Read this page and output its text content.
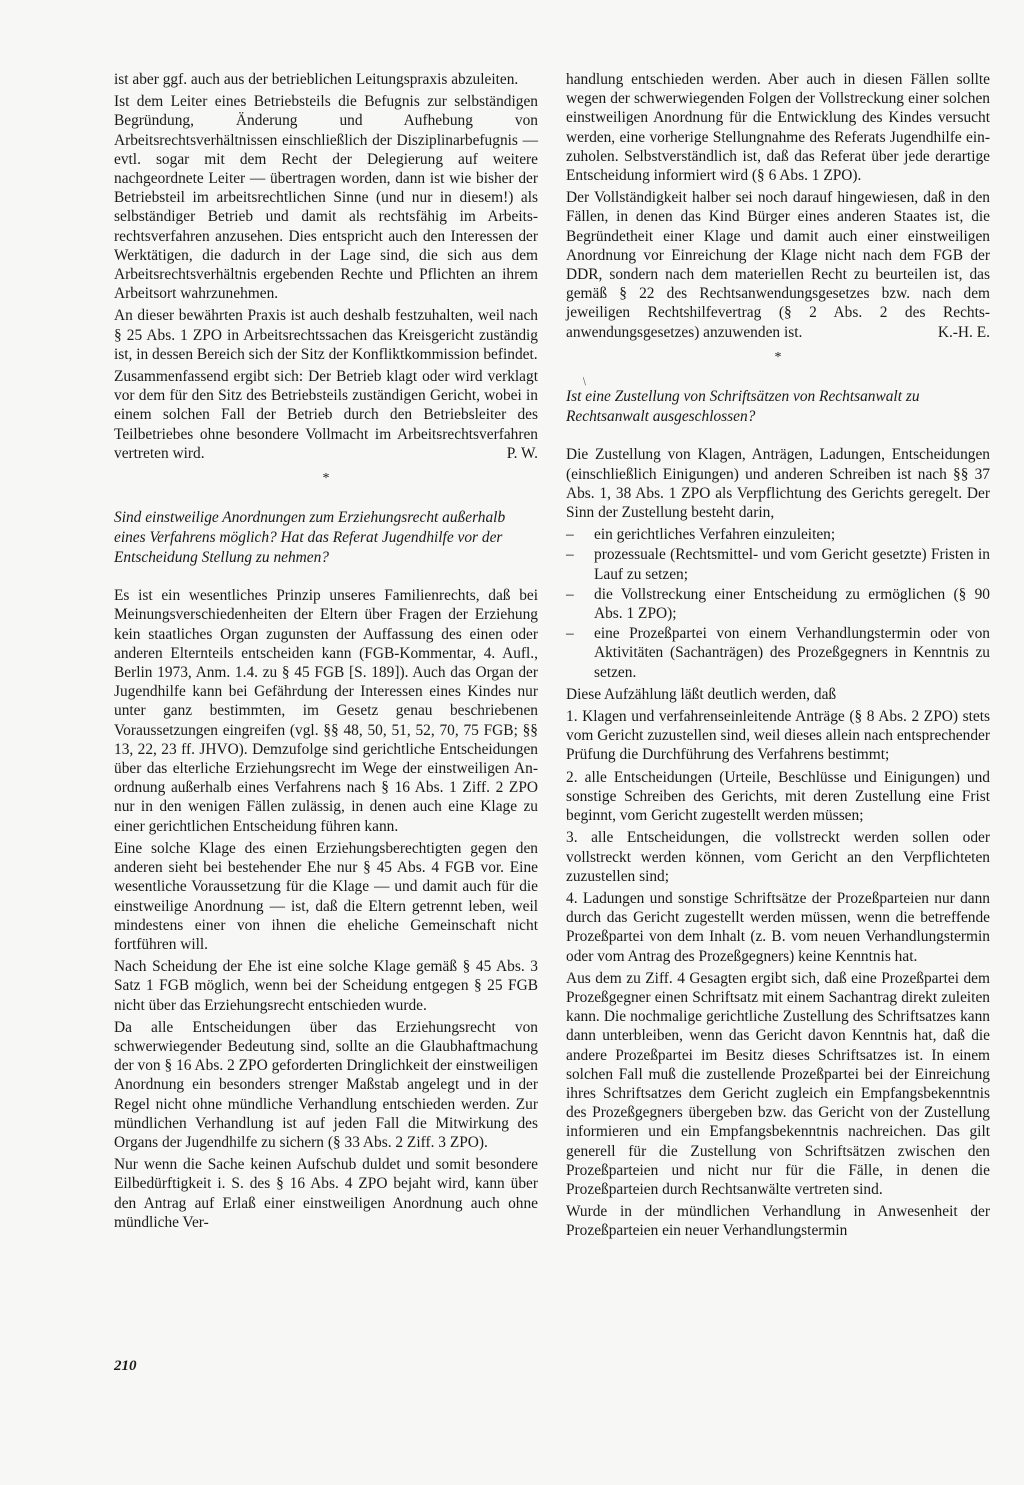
ist aber ggf. auch aus der betrieblichen Leitungspraxis abzuleiten.

Ist dem Leiter eines Betriebsteils die Befugnis zur selbständigen Begründung, Änderung und Aufhebung von Arbeitsrechtsverhältnissen einschließlich der Disziplinarbefugnis — evtl. sogar mit dem Recht der Delegierung auf weitere nachgeordnete Leiter — übertragen worden, dann ist wie bisher der Betriebsteil im arbeitsrechtlichen Sinne (und nur in diesem!) als selbständiger Betrieb und damit als rechtsfähig im Arbeitsrechtsverfahren anzusehen. Dies entspricht auch den Interessen der Werktätigen, die dadurch in der Lage sind, die sich aus dem Arbeitsrechtsverhältnis ergebenden Rechte und Pflichten an ihrem Arbeitsort wahrzunehmen.

An dieser bewährten Praxis ist auch deshalb festzuhalten, weil nach § 25 Abs. 1 ZPO in Arbeitsrechtssachen das Kreisgericht zuständig ist, in dessen Bereich sich der Sitz der Konfliktkommission befindet.

Zusammenfassend ergibt sich: Der Betrieb klagt oder wird verklagt vor dem für den Sitz des Betriebsteils zuständigen Gericht, wobei in einem solchen Fall der Betrieb durch den Betriebsleiter des Teilbetriebes ohne besondere Vollmacht im Arbeitsrechtsverfahren vertreten wird.	P. W.

*

Sind einstweilige Anordnungen zum Erziehungsrecht außerhalb eines Verfahrens möglich? Hat das Referat Jugendhilfe vor der Entscheidung Stellung zu nehmen?

Es ist ein wesentliches Prinzip unseres Familienrechts, daß bei Meinungsverschiedenheiten der Eltern über Fragen der Erziehung kein staatliches Organ zugunsten der Auffassung des einen oder anderen Elternteils entscheiden kann (FGB-Kommentar, 4. Aufl., Berlin 1973, Anm. 1.4. zu § 45 FGB [S. 189]). Auch das Organ der Jugendhilfe kann bei Gefährdung der Interessen eines Kindes nur unter ganz bestimmten, im Gesetz genau beschriebenen Voraussetzungen eingreifen (vgl. §§ 48, 50, 51, 52, 70, 75 FGB; §§ 13, 22, 23 ff. JHVO). Demzufolge sind gerichtliche Entscheidungen über das elterliche Erziehungsrecht im Wege der einstweiligen Anordnung außerhalb eines Verfahrens nach § 16 Abs. 1 Ziff. 2 ZPO nur in den wenigen Fällen zulässig, in denen auch eine Klage zu einer gerichtlichen Entscheidung führen kann.

Eine solche Klage des einen Erziehungsberechtigten gegen den anderen sieht bei bestehender Ehe nur § 45 Abs. 4 FGB vor. Eine wesentliche Voraussetzung für die Klage — und damit auch für die einstweilige Anordnung — ist, daß die Eltern getrennt leben, weil mindestens einer von ihnen die eheliche Gemeinschaft nicht fortführen will.

Nach Scheidung der Ehe ist eine solche Klage gemäß § 45 Abs. 3 Satz 1 FGB möglich, wenn bei der Scheidung entgegen § 25 FGB nicht über das Erziehungsrecht entschieden wurde.

Da alle Entscheidungen über das Erziehungsrecht von schwerwiegender Bedeutung sind, sollte an die Glaubhaftmachung der von § 16 Abs. 2 ZPO geforderten Dringlichkeit der einstweiligen Anordnung ein besonders strenger Maßstab angelegt und in der Regel nicht ohne mündliche Verhandlung entschieden werden. Zur mündlichen Verhandlung ist auf jeden Fall die Mitwirkung des Organs der Jugendhilfe zu sichern (§ 33 Abs. 2 Ziff. 3 ZPO).

Nur wenn die Sache keinen Aufschub duldet und somit besondere Eilbedürftigkeit i. S. des § 16 Abs. 4 ZPO bejaht wird, kann über den Antrag auf Erlaß einer einstweiligen Anordnung auch ohne mündliche Ver-

handlung entschieden werden. Aber auch in diesen Fällen sollte wegen der schwerwiegenden Folgen der Vollstreckung einer solchen einstweiligen Anordnung für die Entwicklung des Kindes versucht werden, eine vorherige Stellungnahme des Referats Jugendhilfe einzuholen. Selbstverständlich ist, daß das Referat über jede derartige Entscheidung informiert wird (§ 6 Abs. 1 ZPO).

Der Vollständigkeit halber sei noch darauf hingewiesen, daß in den Fällen, in denen das Kind Bürger eines anderen Staates ist, die Begründetheit einer Klage und damit auch einer einstweiligen Anordnung vor Einreichung der Klage nicht nach dem FGB der DDR, sondern nach dem materiellen Recht zu beurteilen ist, das gemäß § 22 des Rechtsanwendungsgesetzes bzw. nach dem jeweiligen Rechtshilfevertrag (§ 2 Abs. 2 des Rechtsanwendungsgesetzes) anzuwenden ist.	K.-H. E.

*

Ist eine Zustellung von Schriftsätzen von Rechtsanwalt zu Rechtsanwalt ausgeschlossen?

Die Zustellung von Klagen, Anträgen, Ladungen, Entscheidungen (einschließlich Einigungen) und anderen Schreiben ist nach §§ 37 Abs. 1, 38 Abs. 1 ZPO als Verpflichtung des Gerichts geregelt. Der Sinn der Zustellung besteht darin,

– ein gerichtliches Verfahren einzuleiten;
– prozessuale (Rechtsmittel- und vom Gericht gesetzte) Fristen in Lauf zu setzen;
– die Vollstreckung einer Entscheidung zu ermöglichen (§ 90 Abs. 1 ZPO);
– eine Prozeßpartei von einem Verhandlungstermin oder von Aktivitäten (Sachanträgen) des Prozeßgegners in Kenntnis zu setzen.

Diese Aufzählung läßt deutlich werden, daß

1. Klagen und verfahrenseinleitende Anträge (§ 8 Abs. 2 ZPO) stets vom Gericht zuzustellen sind, weil dieses allein nach entsprechender Prüfung die Durchführung des Verfahrens bestimmt;
2. alle Entscheidungen (Urteile, Beschlüsse und Einigungen) und sonstige Schreiben des Gerichts, mit deren Zustellung eine Frist beginnt, vom Gericht zugestellt werden müssen;
3. alle Entscheidungen, die vollstreckt werden sollen oder vollstreckt werden können, vom Gericht an den Verpflichteten zuzustellen sind;
4. Ladungen und sonstige Schriftsätze der Prozeßparteien nur dann durch das Gericht zugestellt werden müssen, wenn die betreffende Prozeßpartei von dem Inhalt (z. B. vom neuen Verhandlungstermin oder vom Antrag des Prozeßgegners) keine Kenntnis hat.

Aus dem zu Ziff. 4 Gesagten ergibt sich, daß eine Prozeßpartei dem Prozeßgegner einen Schriftsatz mit einem Sachantrag direkt zuleiten kann. Die nochmalige gerichtliche Zustellung des Schriftsatzes kann dann unterbleiben, wenn das Gericht davon Kenntnis hat, daß die andere Prozeßpartei im Besitz dieses Schriftsatzes ist. In einem solchen Fall muß die zustellende Prozeßpartei bei der Einreichung ihres Schriftsatzes dem Gericht zugleich ein Empfangsbekenntnis des Prozeßgegners übergeben bzw. das Gericht von der Zustellung informieren und ein Empfangsbekenntnis nachreichen. Das gilt generell für die Zustellung von Schriftsätzen zwischen den Prozeßparteien und nicht nur für die Fälle, in denen die Prozeßparteien durch Rechtsanwälte vertreten sind.

Wurde in der mündlichen Verhandlung in Anwesenheit der Prozeßparteien ein neuer Verhandlungstermin

/
210
